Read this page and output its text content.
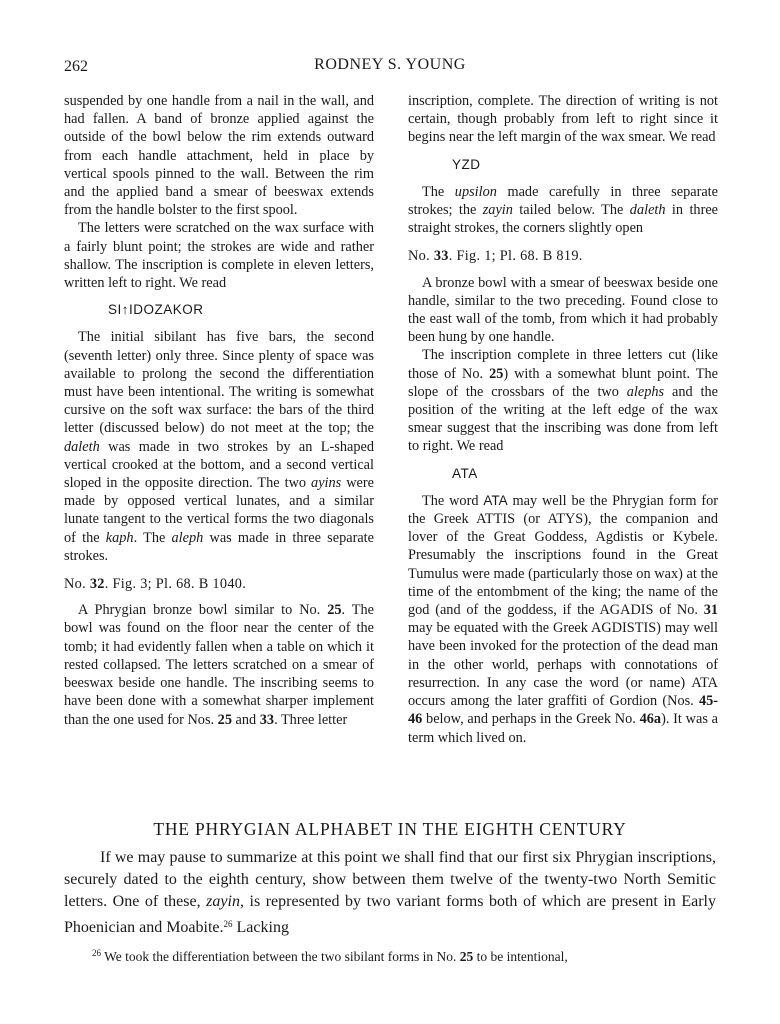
262	RODNEY S. YOUNG

suspended by one handle from a nail in the wall, and had fallen. A band of bronze applied against the outside of the bowl below the rim extends outward from each handle attachment, held in place by vertical spools pinned to the wall. Between the rim and the applied band a smear of beeswax extends from the handle bolster to the first spool.

The letters were scratched on the wax surface with a fairly blunt point; the strokes are wide and rather shallow. The inscription is complete in eleven letters, written left to right. We read

SI↑IDOZAKOR

The initial sibilant has five bars, the second (seventh letter) only three. Since plenty of space was available to prolong the second the differentiation must have been intentional. The writing is somewhat cursive on the soft wax surface: the bars of the third letter (discussed below) do not meet at the top; the daleth was made in two strokes by an L-shaped vertical crooked at the bottom, and a second vertical sloped in the opposite direction. The two ayins were made by opposed vertical lunates, and a similar lunate tangent to the vertical forms the two diagonals of the kaph. The aleph was made in three separate strokes.

No. 32. Fig. 3; Pl. 68. B 1040.

A Phrygian bronze bowl similar to No. 25. The bowl was found on the floor near the center of the tomb; it had evidently fallen when a table on which it rested collapsed. The letters scratched on a smear of beeswax beside one handle. The inscribing seems to have been done with a somewhat sharper implement than the one used for Nos. 25 and 33. Three letter

inscription, complete. The direction of writing is not certain, though probably from left to right since it begins near the left margin of the wax smear. We read

YZD

The upsilon made carefully in three separate strokes; the zayin tailed below. The daleth in three straight strokes, the corners slightly open

No. 33. Fig. 1; Pl. 68. B 819.

A bronze bowl with a smear of beeswax beside one handle, similar to the two preceding. Found close to the east wall of the tomb, from which it had probably been hung by one handle.

The inscription complete in three letters cut (like those of No. 25) with a somewhat blunt point. The slope of the crossbars of the two alephs and the position of the writing at the left edge of the wax smear suggest that the inscribing was done from left to right. We read

ATA

The word ATA may well be the Phrygian form for the Greek ATTIS (or ATYS), the companion and lover of the Great Goddess, Agdistis or Kybele. Presumably the inscriptions found in the Great Tumulus were made (particularly those on wax) at the time of the entombment of the king; the name of the god (and of the goddess, if the AGADIS of No. 31 may be equated with the Greek AGDISTIS) may well have been invoked for the protection of the dead man in the other world, perhaps with connotations of resurrection. In any case the word (or name) ATA occurs among the later graffiti of Gordion (Nos. 45-46 below, and perhaps in the Greek No. 46a). It was a term which lived on.

THE PHRYGIAN ALPHABET IN THE EIGHTH CENTURY

If we may pause to summarize at this point we shall find that our first six Phrygian inscriptions, securely dated to the eighth century, show between them twelve of the twenty-two North Semitic letters. One of these, zayin, is represented by two variant forms both of which are present in Early Phoenician and Moabite.$^{26}$ Lacking

$^{26}$ We took the differentiation between the two sibilant forms in No. 25 to be intentional,
